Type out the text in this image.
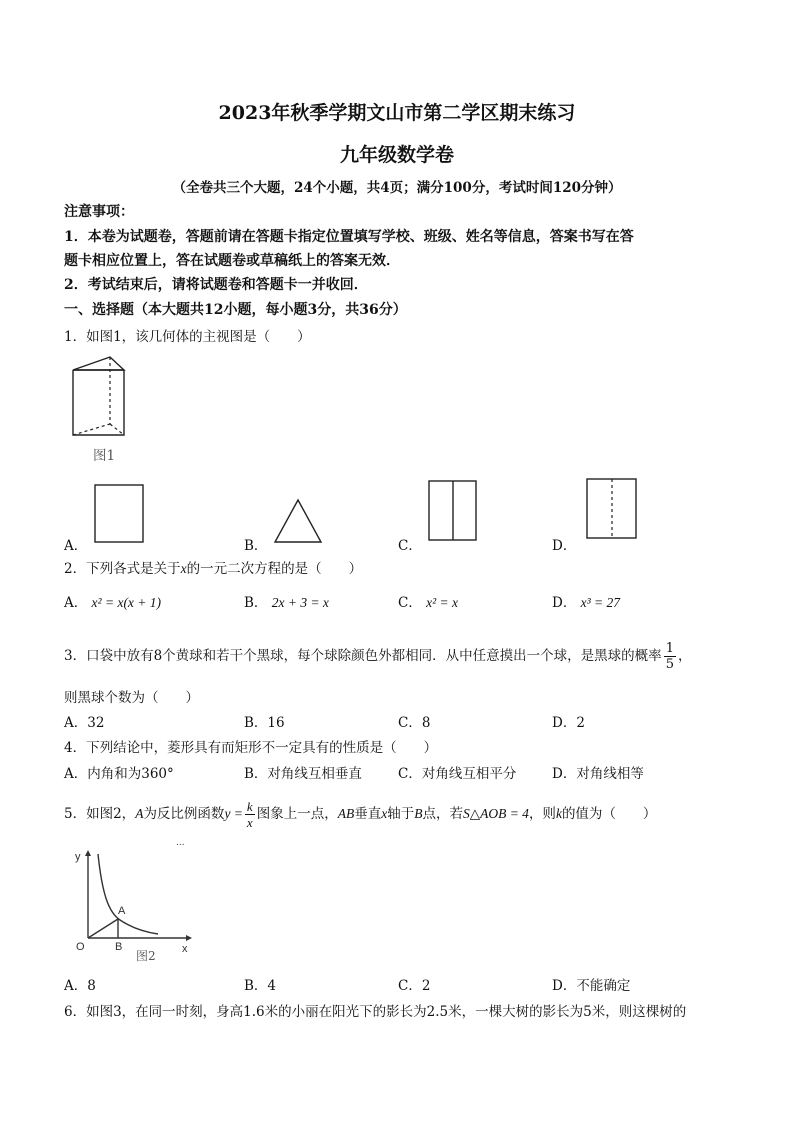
2023年秋季学期文山市第二学区期末练习
九年级数学卷
（全卷共三个大题，24个小题，共4页；满分100分，考试时间120分钟）
注意事项：
1．本卷为试题卷，答题前请在答题卡指定位置填写学校、班级、姓名等信息，答案书写在答
题卡相应位置上，答在试题卷或草稿纸上的答案无效．
2．考试结束后，请将试题卷和答题卡一并收回．
一、选择题（本大题共12小题，每小题3分，共36分）
1．如图1，该几何体的主视图是（　　）
图1
A．	B．	C．	D．
2．下列各式是关于x的一元二次方程的是（　　）
A． x² = x(x + 1)	B． 2x + 3 = x	C． x² = x	D． x³ = 27
3．口袋中放有8个黄球和若干个黑球，每个球除颜色外都相同．从中任意摸出一个球，是黑球的概率 $\frac{1}{5}$ ，
则黑球个数为（　　）
A．32	B．16	C．8	D．2
4．下列结论中，菱形具有而矩形不一定具有的性质是（　　）
A．内角和为360°	B．对角线互相垂直	C．对角线互相平分	D．对角线相等
5．如图2，A为反比例函数$y = \frac{k}{x}$ 图象上一点，AB垂直x轴于B点，若S△AOB = 4，则k的值为（　　）
y
x
O
A
B
图2
...
A．8	B．4	C．2	D．不能确定
6．如图3，在同一时刻，身高1.6米的小丽在阳光下的影长为2.5米，一棵大树的影长为5米，则这棵树的
